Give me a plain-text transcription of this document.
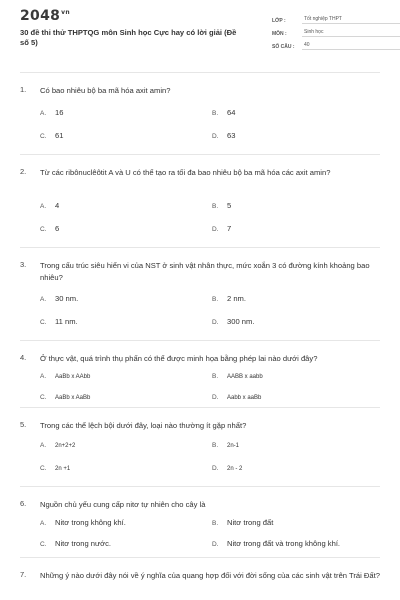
$2048^{vn}$
30 đề thi thử THPTQG môn Sinh học Cực hay có lời giải (Đề số 5)
LỚP :	Tốt nghiệp THPT
MÔN :	Sinh học
SỐ CÂU :	40
1. Có bao nhiêu bộ ba mã hóa axit amin?
A. 16	B. 64
C. 61	D. 63
2. Từ các ribônuclêôtit A và U có thể tạo ra tối đa bao nhiêu bộ ba mã hóa các axit amin?
A. 4	B. 5
C. 6	D. 7
3. Trong cấu trúc siêu hiển vi của NST ở sinh vật nhân thực, mức xoắn 3 có đường kính khoảng bao nhiêu?
A. 30 nm.	B. 2 nm.
C. 11 nm.	D. 300 nm.
4. Ở thực vật, quá trình thụ phấn có thể được minh họa bằng phép lai nào dưới đây?
A. AaBb x AAbb	B. AABB x aabb
C. AaBb x AaBb	D. Aabb x aaBb
5. Trong các thể lệch bội dưới đây, loại nào thường ít gặp nhất?
A. 2n+2+2	B. 2n-1
C. 2n +1	D. 2n - 2
6. Nguồn chủ yếu cung cấp nitơ tự nhiên cho cây là
A. Nitơ trong không khí.	B. Nitơ trong đất
C. Nitơ trong nước.	D. Nitơ trong đất và trong không khí.
7. Những ý nào dưới đây nói về ý nghĩa của quang hợp đối với đời sống của các sinh vật trên Trái Đất?
